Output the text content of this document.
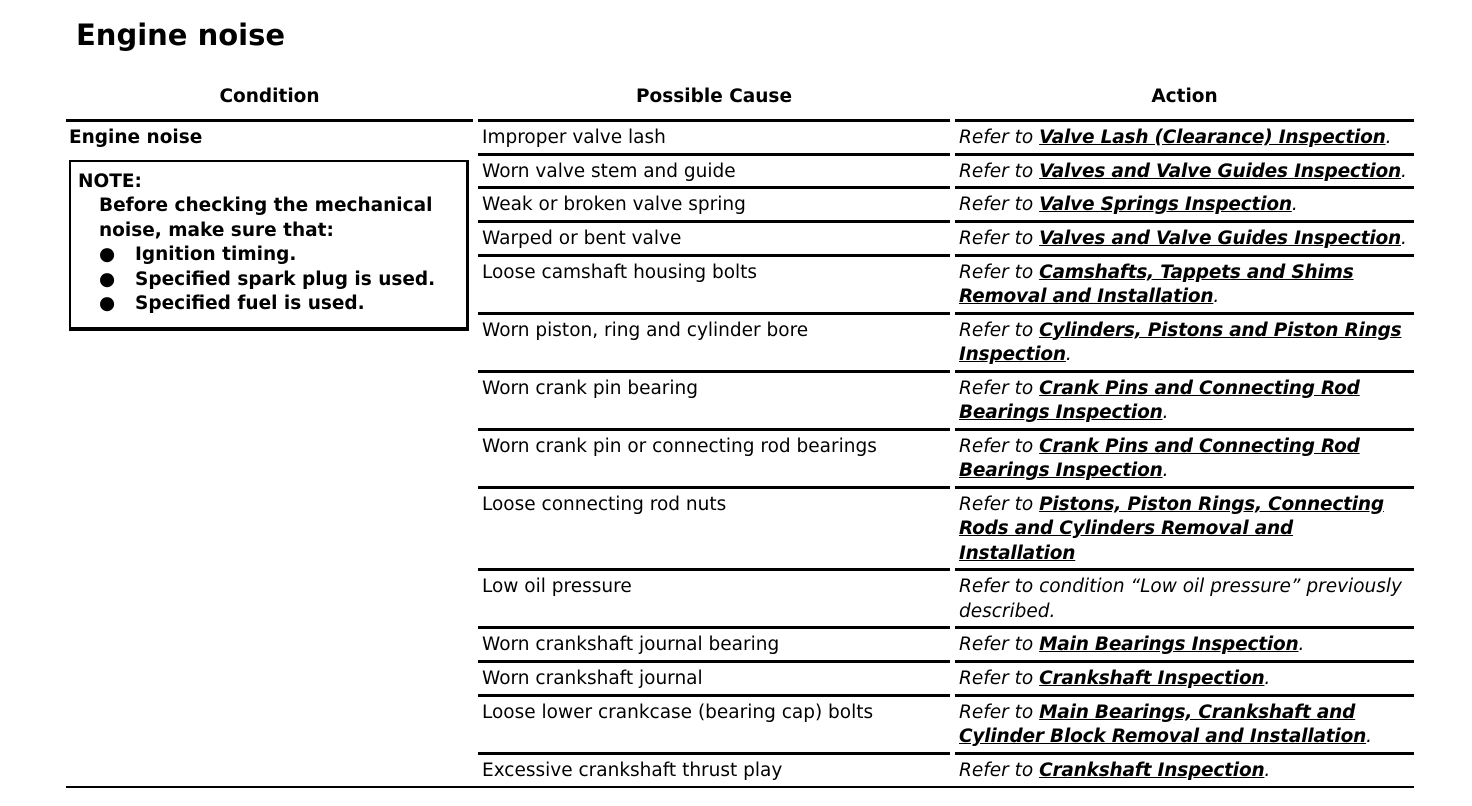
Engine noise
Condition	Possible Cause	Action
Engine noise
NOTE:
Before checking the mechanical noise, make sure that:
●	Ignition timing.
●	Specified spark plug is used.
●	Specified fuel is used.
Improper valve lash	Refer to Valve Lash (Clearance) Inspection.
Worn valve stem and guide	Refer to Valves and Valve Guides Inspection.
Weak or broken valve spring	Refer to Valve Springs Inspection.
Warped or bent valve	Refer to Valves and Valve Guides Inspection.
Loose camshaft housing bolts	Refer to Camshafts, Tappets and Shims Removal and Installation.
Worn piston, ring and cylinder bore	Refer to Cylinders, Pistons and Piston Rings Inspection.
Worn crank pin bearing	Refer to Crank Pins and Connecting Rod Bearings Inspection.
Worn crank pin or connecting rod bearings	Refer to Crank Pins and Connecting Rod Bearings Inspection.
Loose connecting rod nuts	Refer to Pistons, Piston Rings, Connecting Rods and Cylinders Removal and Installation
Low oil pressure	Refer to condition “Low oil pressure” previously described.
Worn crankshaft journal bearing	Refer to Main Bearings Inspection.
Worn crankshaft journal	Refer to Crankshaft Inspection.
Loose lower crankcase (bearing cap) bolts	Refer to Main Bearings, Crankshaft and Cylinder Block Removal and Installation.
Excessive crankshaft thrust play	Refer to Crankshaft Inspection.
